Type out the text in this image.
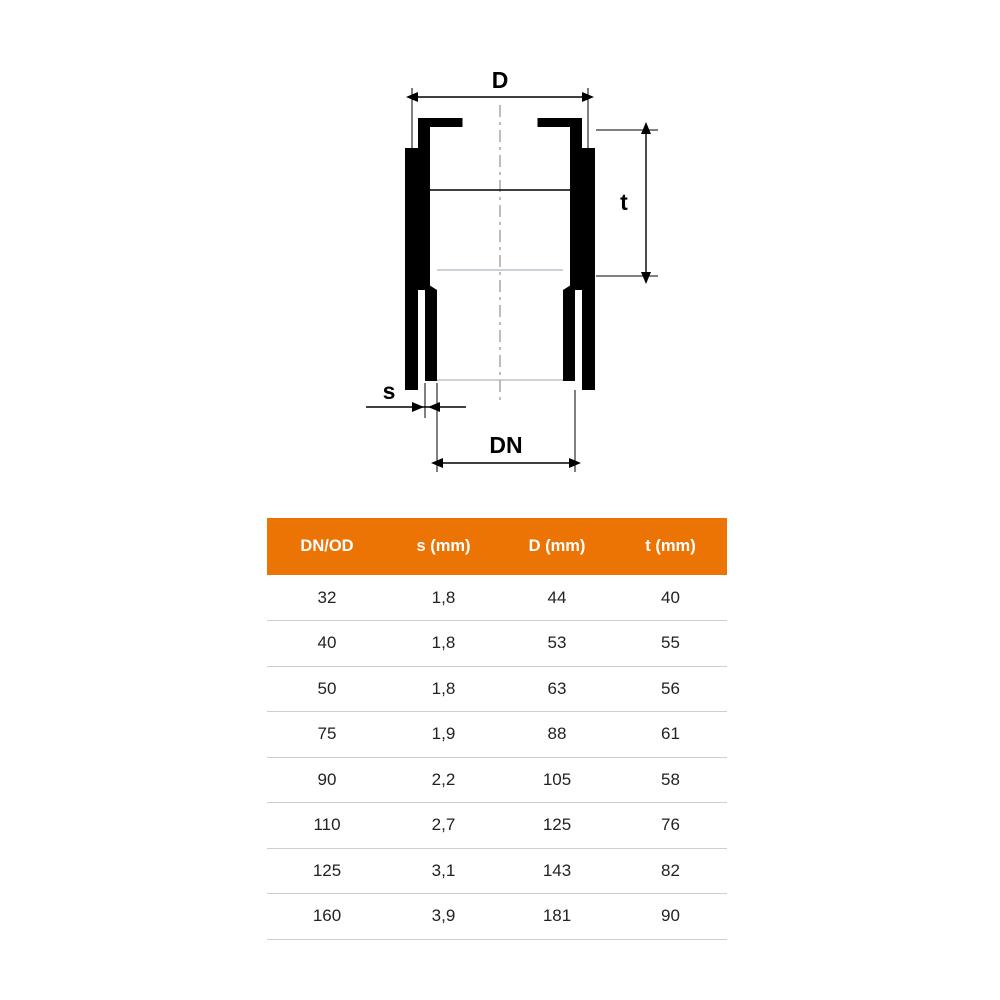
D
t
s
DN
DN/OD	s (mm)	D (mm)	t (mm)
32	1,8	44	40
40	1,8	53	55
50	1,8	63	56
75	1,9	88	61
90	2,2	105	58
110	2,7	125	76
125	3,1	143	82
160	3,9	181	90
